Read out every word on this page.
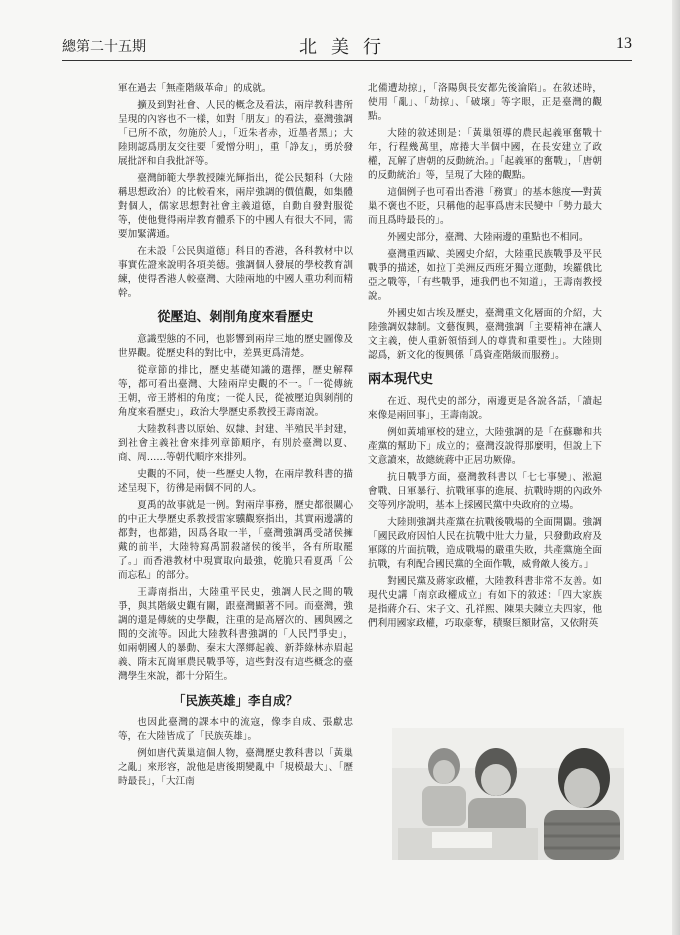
總第二十五期	北美行	13

軍在過去「無產階級革命」的成就。

擴及到對社會、人民的概念及看法，兩岸教科書所呈現的內容也不一樣，如對「朋友」的看法，臺灣強調「已所不欲，勿施於人」，「近朱者赤，近墨者黑」；大陸則認爲朋友交往要「愛憎分明」，重「諍友」，勇於發展批評和自我批評等。

臺灣師範大學教授陳光輝指出，從公民類科（大陸稱思想政治）的比較看來，兩岸強調的價值觀，如集體對個人，儒家思想對社會主義道德，自動自發對服從等，使他覺得兩岸教育體系下的中國人有很大不同，需要加緊溝通。

在未設「公民與道德」科目的香港，各科教材中以事實佐證來說明各項美德。強調個人發展的學校教育訓練，使得香港人較臺灣、大陸兩地的中國人重功利而精幹。

從壓迫、剝削角度來看歷史

意識型態的不同，也影響到兩岸三地的歷史圖像及世界觀。從歷史科的對比中，差異更爲清楚。

從章節的排比，歷史基礎知識的選擇，歷史解釋等，都可看出臺灣、大陸兩岸史觀的不一。「一從傳統王朝，帝王將相的角度；一從人民，從被壓迫與剝削的角度來看歷史」，政治大學歷史系教授王壽南說。

大陸教科書以原始、奴隸、封建、半殖民半封建，到社會主義社會來排列章節順序，有別於臺灣以夏、商、周……等朝代順序來排列。

史觀的不同，使一些歷史人物，在兩岸教科書的描述呈現下，彷彿是兩個不同的人。

夏禹的故事就是一例。對兩岸事務，歷史都很關心的中正大學歷史系教授雷家驥觀察指出，其實兩邊講的都對，也都錯，因爲各取一半，「臺灣強調禹受諸侯擁戴的前半，大陸特寫禹罰殺諸侯的後半，各有所取罷了。」而香港教材中現實取向最強，乾脆只看夏禹「公而忘私」的部分。

王壽南指出，大陸重平民史，強調人民之間的戰爭，與其階級史觀有關，跟臺灣顯著不同。而臺灣，強調的還是傳統的史學觀，注重的是高層次的、國與國之間的交流等。因此大陸教科書強調的「人民鬥爭史」，如兩朝國人的暴動、秦末大澤鄉起義、新莽綠林赤眉起義、隋末瓦崗軍農民戰爭等，這些對沒有這些概念的臺灣學生來說，都十分陌生。

「民族英雄」李自成？

也因此臺灣的課本中的流寇，像李自成、張獻忠等，在大陸皆成了「民族英雄」。

例如唐代黃巢這個人物，臺灣歷史教科書以「黃巢之亂」來形容，說他是唐後期變亂中「規模最大」、「歷時最長」，「大江南

北備遭劫掠」，「洛陽與長安都先後淪陷」。在敘述時，使用「亂」、「劫掠」、「破壞」等字眼，正是臺灣的觀點。

大陸的敘述則是：「黃巢領導的農民起義軍奮戰十年，行程幾萬里，席捲大半個中國，在長安建立了政權，瓦解了唐朝的反動統治。」「起義軍的奮戰」，「唐朝的反動統治」等，呈現了大陸的觀點。

這個例子也可看出香港「務實」的基本態度──對黃巢不褒也不貶，只稱他的起事爲唐末民變中「勢力最大而且爲時最長的」。

外國史部分，臺灣、大陸兩邊的重點也不相同。

臺灣重西歐、美國史介紹，大陸重民族戰爭及平民戰爭的描述，如拉丁美洲反西班牙獨立運動，埃羅俄比亞之戰等，「有些戰爭，連我們也不知道」，王壽南教授說。

外國史如古埃及歷史，臺灣重文化層面的介紹，大陸強調奴隸制。文藝復興，臺灣強調「主要精神在讓人文主義，使人重新領悟到人的尊貴和重要性」。大陸則認爲，新文化的復興係「爲資產階級而服務」。

兩本現代史

在近、現代史的部分，兩邊更是各說各話，「讀起來像是兩回事」，王壽南說。

例如黃埔軍校的建立，大陸強調的是「在蘇聯和共產黨的幫助下」成立的；臺灣沒說得那麼明，但說上下文意讀來，故總統蔣中正居功厥偉。

抗日戰爭方面，臺灣教科書以「七七事變」、淞滬會戰、日軍暴行、抗戰軍事的進展、抗戰時期的內政外交等列序說明，基本上採國民黨中央政府的立場。

大陸則強調共產黨在抗戰後戰場的全面開闢。強調「國民政府因怕人民在抗戰中壯大力量，只發動政府及軍隊的片面抗戰，造成戰場的嚴重失敗，共產黨施全面抗戰，有利配合國民黨的全面作戰，威脅敵人後方。」

對國民黨及蔣家政權，大陸教科書非常不友善。如現代史講「南京政權成立」有如下的敘述：「四大家族是指蔣介石、宋子文、孔祥熙、陳果夫陳立夫四家，他們利用國家政權，巧取豪奪，積聚巨額財富，又依附英
